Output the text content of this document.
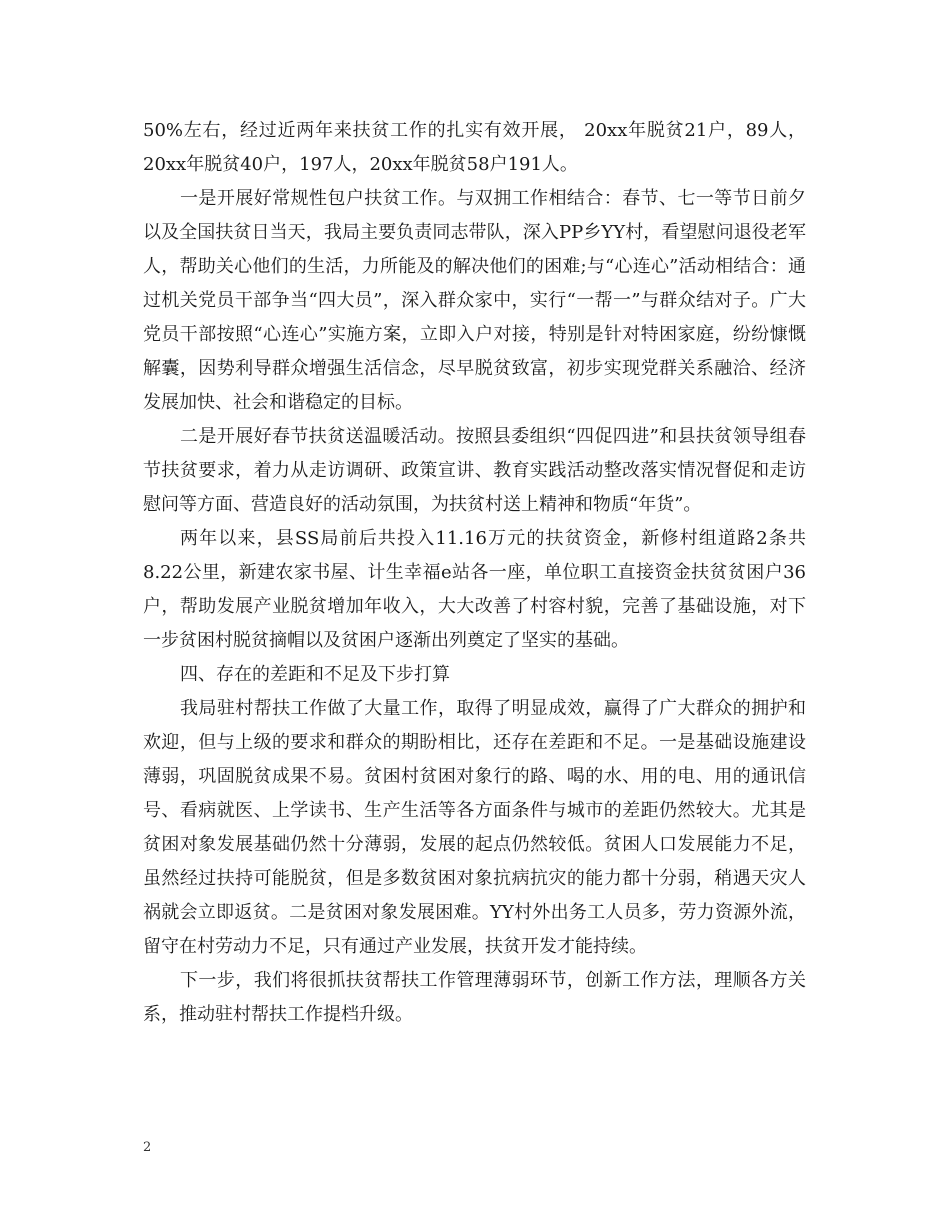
50%左右，经过近两年来扶贫工作的扎实有效开展， 20xx年脱贫21户，89人，20xx年脱贫40户，197人，20xx年脱贫58户191人。

一是开展好常规性包户扶贫工作。与双拥工作相结合：春节、七一等节日前夕以及全国扶贫日当天，我局主要负责同志带队，深入PP乡YY村，看望慰问退役老军人，帮助关心他们的生活，力所能及的解决他们的困难;与“心连心”活动相结合：通过机关党员干部争当“四大员”，深入群众家中，实行“一帮一”与群众结对子。广大党员干部按照“心连心”实施方案，立即入户对接，特别是针对特困家庭，纷纷慷慨解囊，因势利导群众增强生活信念，尽早脱贫致富，初步实现党群关系融洽、经济发展加快、社会和谐稳定的目标。

二是开展好春节扶贫送温暖活动。按照县委组织“四促四进”和县扶贫领导组春节扶贫要求，着力从走访调研、政策宣讲、教育实践活动整改落实情况督促和走访慰问等方面、营造良好的活动氛围，为扶贫村送上精神和物质“年货”。

两年以来，县SS局前后共投入11.16万元的扶贫资金，新修村组道路2条共8.22公里，新建农家书屋、计生幸福e站各一座，单位职工直接资金扶贫贫困户36户，帮助发展产业脱贫增加年收入，大大改善了村容村貌，完善了基础设施，对下一步贫困村脱贫摘帽以及贫困户逐渐出列奠定了坚实的基础。

四、存在的差距和不足及下步打算

我局驻村帮扶工作做了大量工作，取得了明显成效，赢得了广大群众的拥护和欢迎，但与上级的要求和群众的期盼相比，还存在差距和不足。一是基础设施建设薄弱，巩固脱贫成果不易。贫困村贫困对象行的路、喝的水、用的电、用的通讯信号、看病就医、上学读书、生产生活等各方面条件与城市的差距仍然较大。尤其是贫困对象发展基础仍然十分薄弱，发展的起点仍然较低。贫困人口发展能力不足，虽然经过扶持可能脱贫，但是多数贫困对象抗病抗灾的能力都十分弱，稍遇天灾人祸就会立即返贫。二是贫困对象发展困难。YY村外出务工人员多，劳力资源外流，留守在村劳动力不足，只有通过产业发展，扶贫开发才能持续。

下一步，我们将很抓扶贫帮扶工作管理薄弱环节，创新工作方法，理顺各方关系，推动驻村帮扶工作提档升级。

2
